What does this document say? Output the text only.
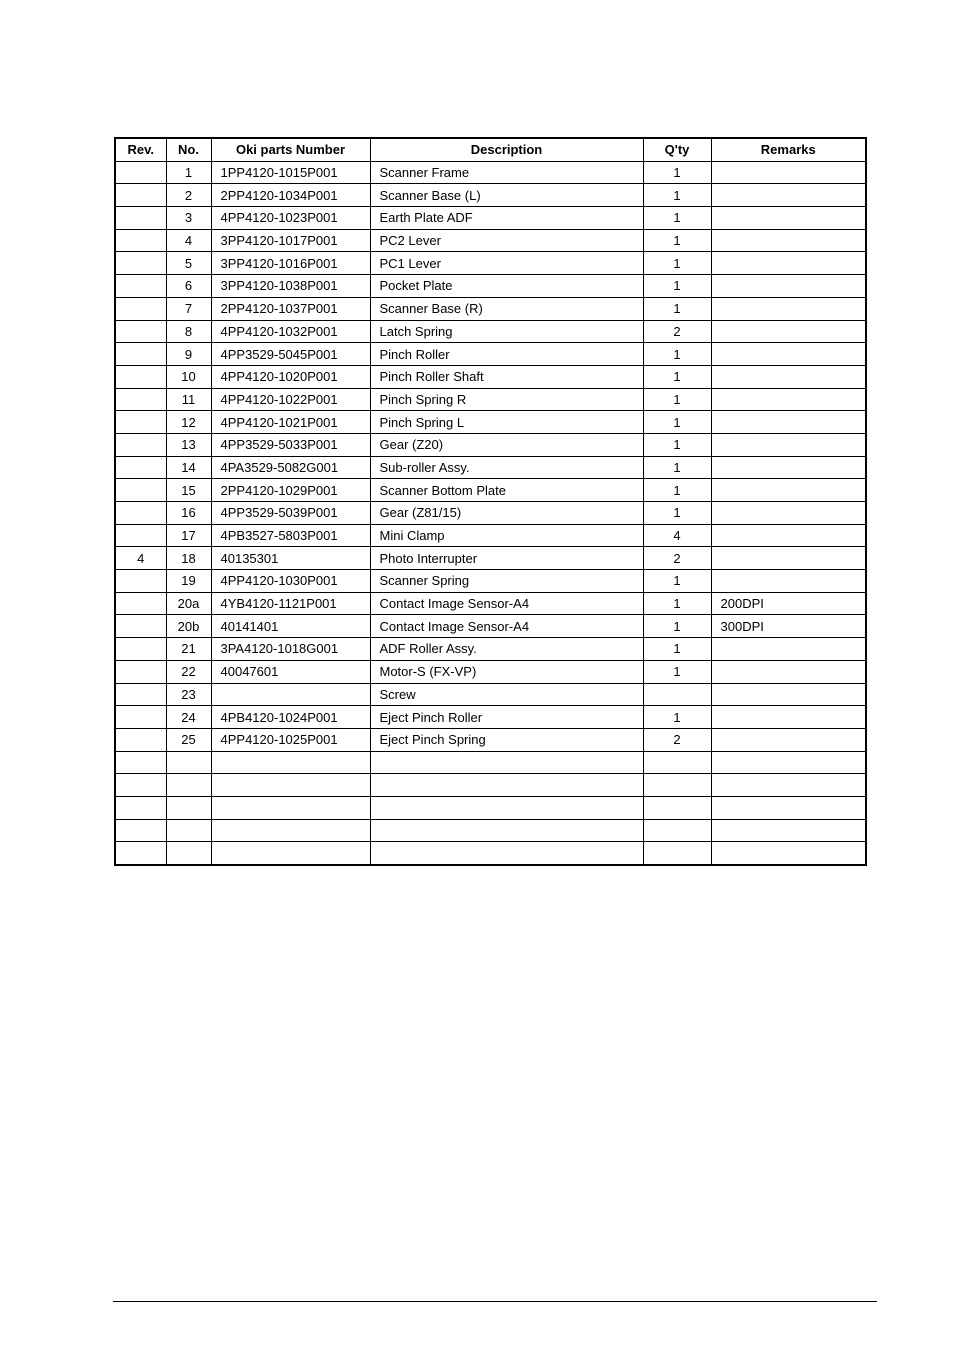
Rev.	No.	Oki parts Number	Description	Q'ty	Remarks
	1	1PP4120-1015P001	Scanner Frame	1	
	2	2PP4120-1034P001	Scanner Base (L)	1	
	3	4PP4120-1023P001	Earth Plate ADF	1	
	4	3PP4120-1017P001	PC2 Lever	1	
	5	3PP4120-1016P001	PC1 Lever	1	
	6	3PP4120-1038P001	Pocket Plate	1	
	7	2PP4120-1037P001	Scanner Base (R)	1	
	8	4PP4120-1032P001	Latch Spring	2	
	9	4PP3529-5045P001	Pinch Roller	1	
	10	4PP4120-1020P001	Pinch Roller Shaft	1	
	11	4PP4120-1022P001	Pinch Spring R	1	
	12	4PP4120-1021P001	Pinch Spring L	1	
	13	4PP3529-5033P001	Gear (Z20)	1	
	14	4PA3529-5082G001	Sub-roller Assy.	1	
	15	2PP4120-1029P001	Scanner Bottom Plate	1	
	16	4PP3529-5039P001	Gear (Z81/15)	1	
	17	4PB3527-5803P001	Mini Clamp	4	
4	18	40135301	Photo Interrupter	2	
	19	4PP4120-1030P001	Scanner Spring	1	
	20a	4YB4120-1121P001	Contact Image Sensor-A4	1	200DPI
	20b	40141401	Contact Image Sensor-A4	1	300DPI
	21	3PA4120-1018G001	ADF Roller Assy.	1	
	22	40047601	Motor-S (FX-VP)	1	
	23		Screw		
	24	4PB4120-1024P001	Eject Pinch Roller	1	
	25	4PP4120-1025P001	Eject Pinch Spring	2	
